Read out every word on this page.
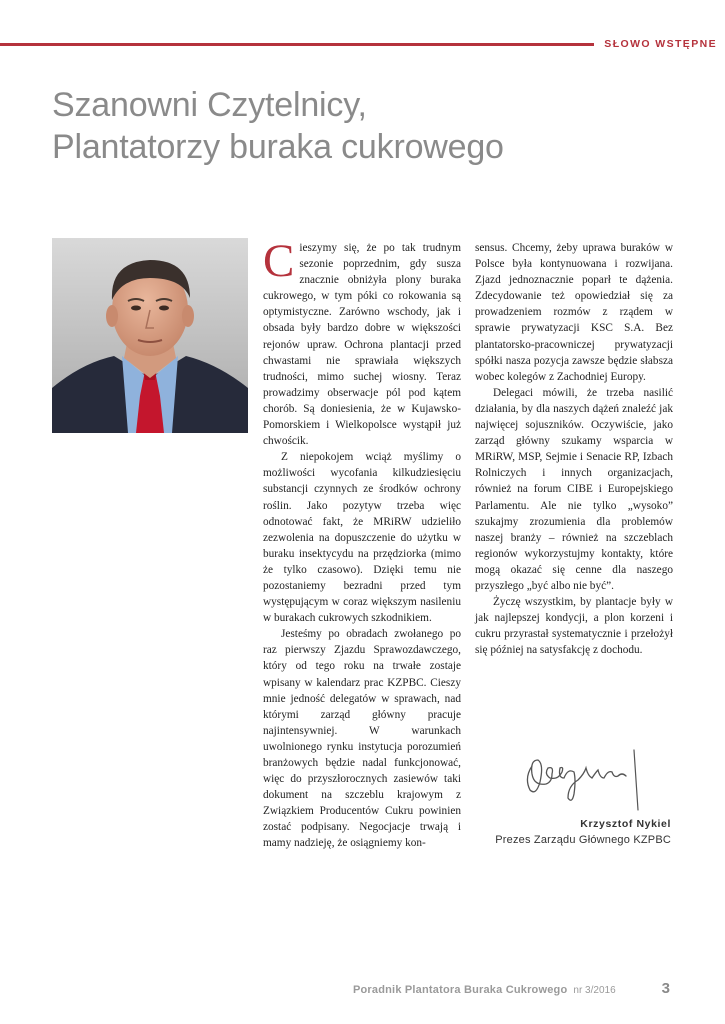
SŁOWO WSTĘPNE
Szanowni Czytelnicy,
Plantatorzy buraka cukrowego

Cieszymy się, że po tak trudnym sezonie poprzednim, gdy susza znacznie obniżyła plony buraka cukrowego, w tym póki co rokowania są optymistyczne. Zarówno wschody, jak i obsada były bardzo dobre w większości rejonów upraw. Ochrona plantacji przed chwastami nie sprawiała większych trudności, mimo suchej wiosny. Teraz prowadzimy obserwacje pól pod kątem chorób. Są doniesienia, że w Kujawsko-Pomorskiem i Wielkopolsce wystąpił już chwościk.

Z niepokojem wciąż myślimy o możliwości wycofania kilkudziesięciu substancji czynnych ze środków ochrony roślin. Jako pozytyw trzeba więc odnotować fakt, że MRiRW udzieliło zezwolenia na dopuszczenie do użytku w buraku insektycydu na przędziorka (mimo że tylko czasowo). Dzięki temu nie pozostaniemy bezradni przed tym występującym w coraz większym nasileniu w burakach cukrowych szkodnikiem.

Jesteśmy po obradach zwołanego po raz pierwszy Zjazdu Sprawozdawczego, który od tego roku na trwałe zostaje wpisany w kalendarz prac KZPBC. Cieszy mnie jedność delegatów w sprawach, nad którymi zarząd główny pracuje najintensywniej. W warunkach uwolnionego rynku instytucja porozumień branżowych będzie nadal funkcjonować, więc do przyszłorocznych zasiewów taki dokument na szczeblu krajowym z Związkiem Producentów Cukru powinien zostać podpisany. Negocjacje trwają i mamy nadzieję, że osiągniemy kon-

sensus. Chcemy, żeby uprawa buraków w Polsce była kontynuowana i rozwijana. Zjazd jednoznacznie poparł te dążenia. Zdecydowanie też opowiedział się za prowadzeniem rozmów z rządem w sprawie prywatyzacji KSC S.A. Bez plantatorsko-pracowniczej prywatyzacji spółki nasza pozycja zawsze będzie słabsza wobec kolegów z Zachodniej Europy.

Delegaci mówili, że trzeba nasilić działania, by dla naszych dążeń znaleźć jak najwięcej sojuszników. Oczywiście, jako zarząd główny szukamy wsparcia w MRiRW, MSP, Sejmie i Senacie RP, Izbach Rolniczych i innych organizacjach, również na forum CIBE i Europejskiego Parlamentu. Ale nie tylko „wysoko” szukajmy zrozumienia dla problemów naszej branży – również na szczeblach regionów wykorzystujmy kontakty, które mogą okazać się cenne dla naszego przyszłego „być albo nie być”.

Życzę wszystkim, by plantacje były w jak najlepszej kondycji, a plon korzeni i cukru przyrastał systematycznie i przełożył się później na satysfakcję z dochodu.

Krzysztof Nykiel
Prezes Zarządu Głównego KZPBC
Poradnik Plantatora Buraka Cukrowego nr 3/2016	3
